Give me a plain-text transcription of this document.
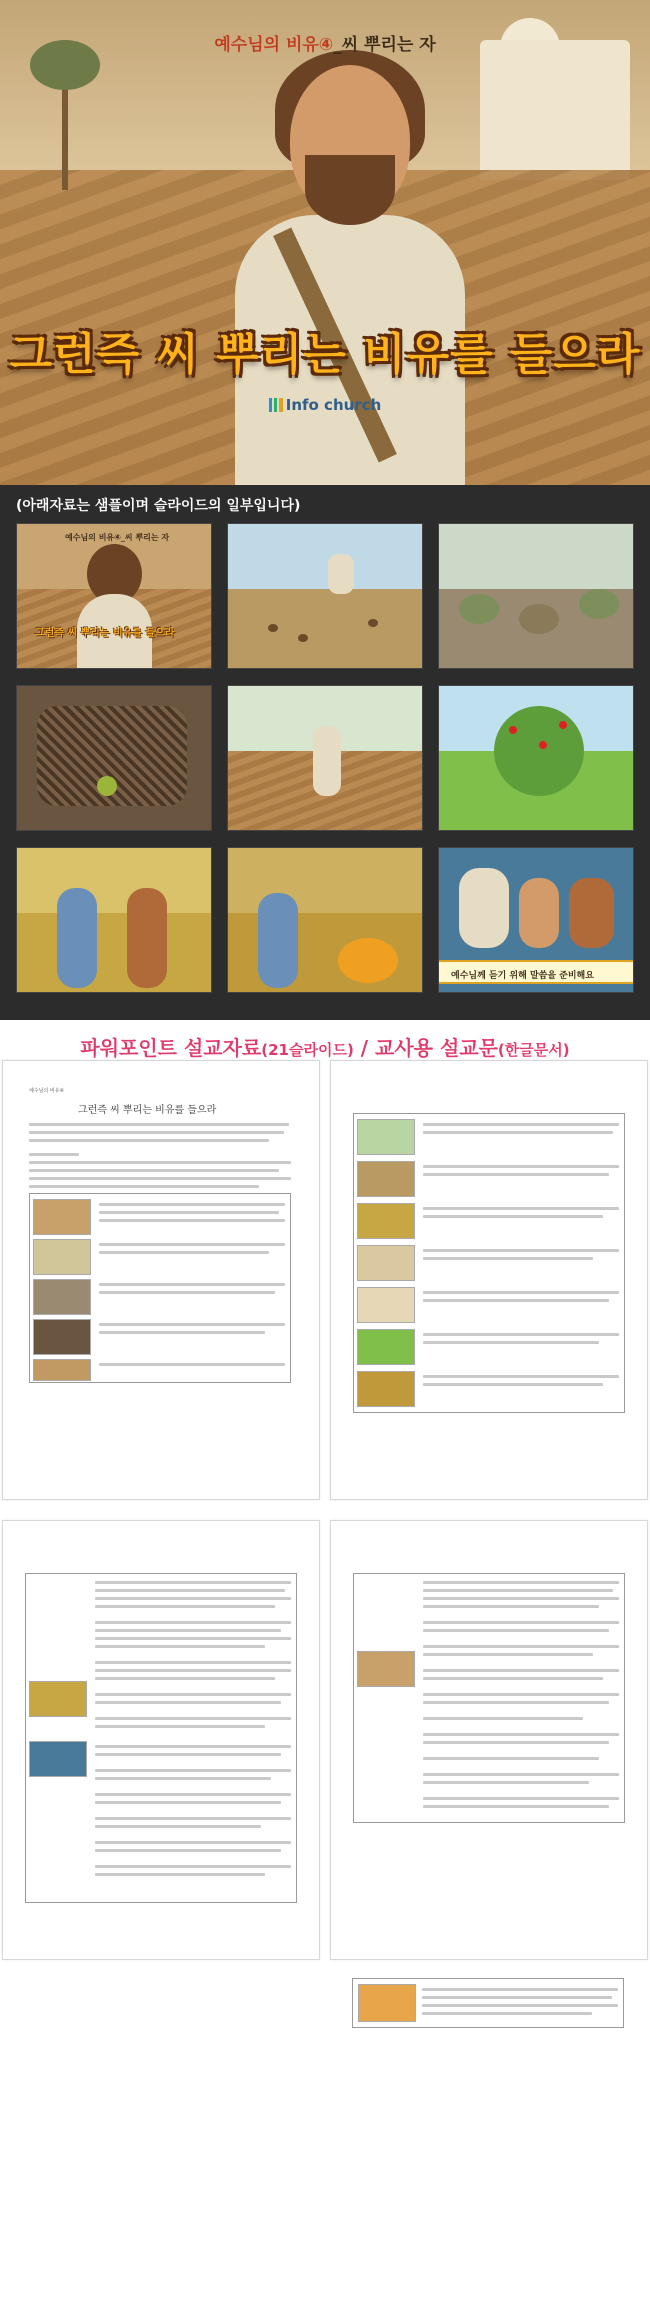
예수님의 비유④_씨 뿌리는 자
그런즉 씨 뿌리는 비유를 들으라
Info church
(아래자료는 샘플이며 슬라이드의 일부입니다)
예수님의 비유④_씨 뿌리는 자
그런즉 씨 뿌리는 비유를 들으라
예수님께 듣기 위해 말씀을 준비해요
파워포인트 설교자료(21슬라이드) / 교사용 설교문(한글문서)
예수님의 비유④
그런즉 씨 뿌리는 비유를 들으라
